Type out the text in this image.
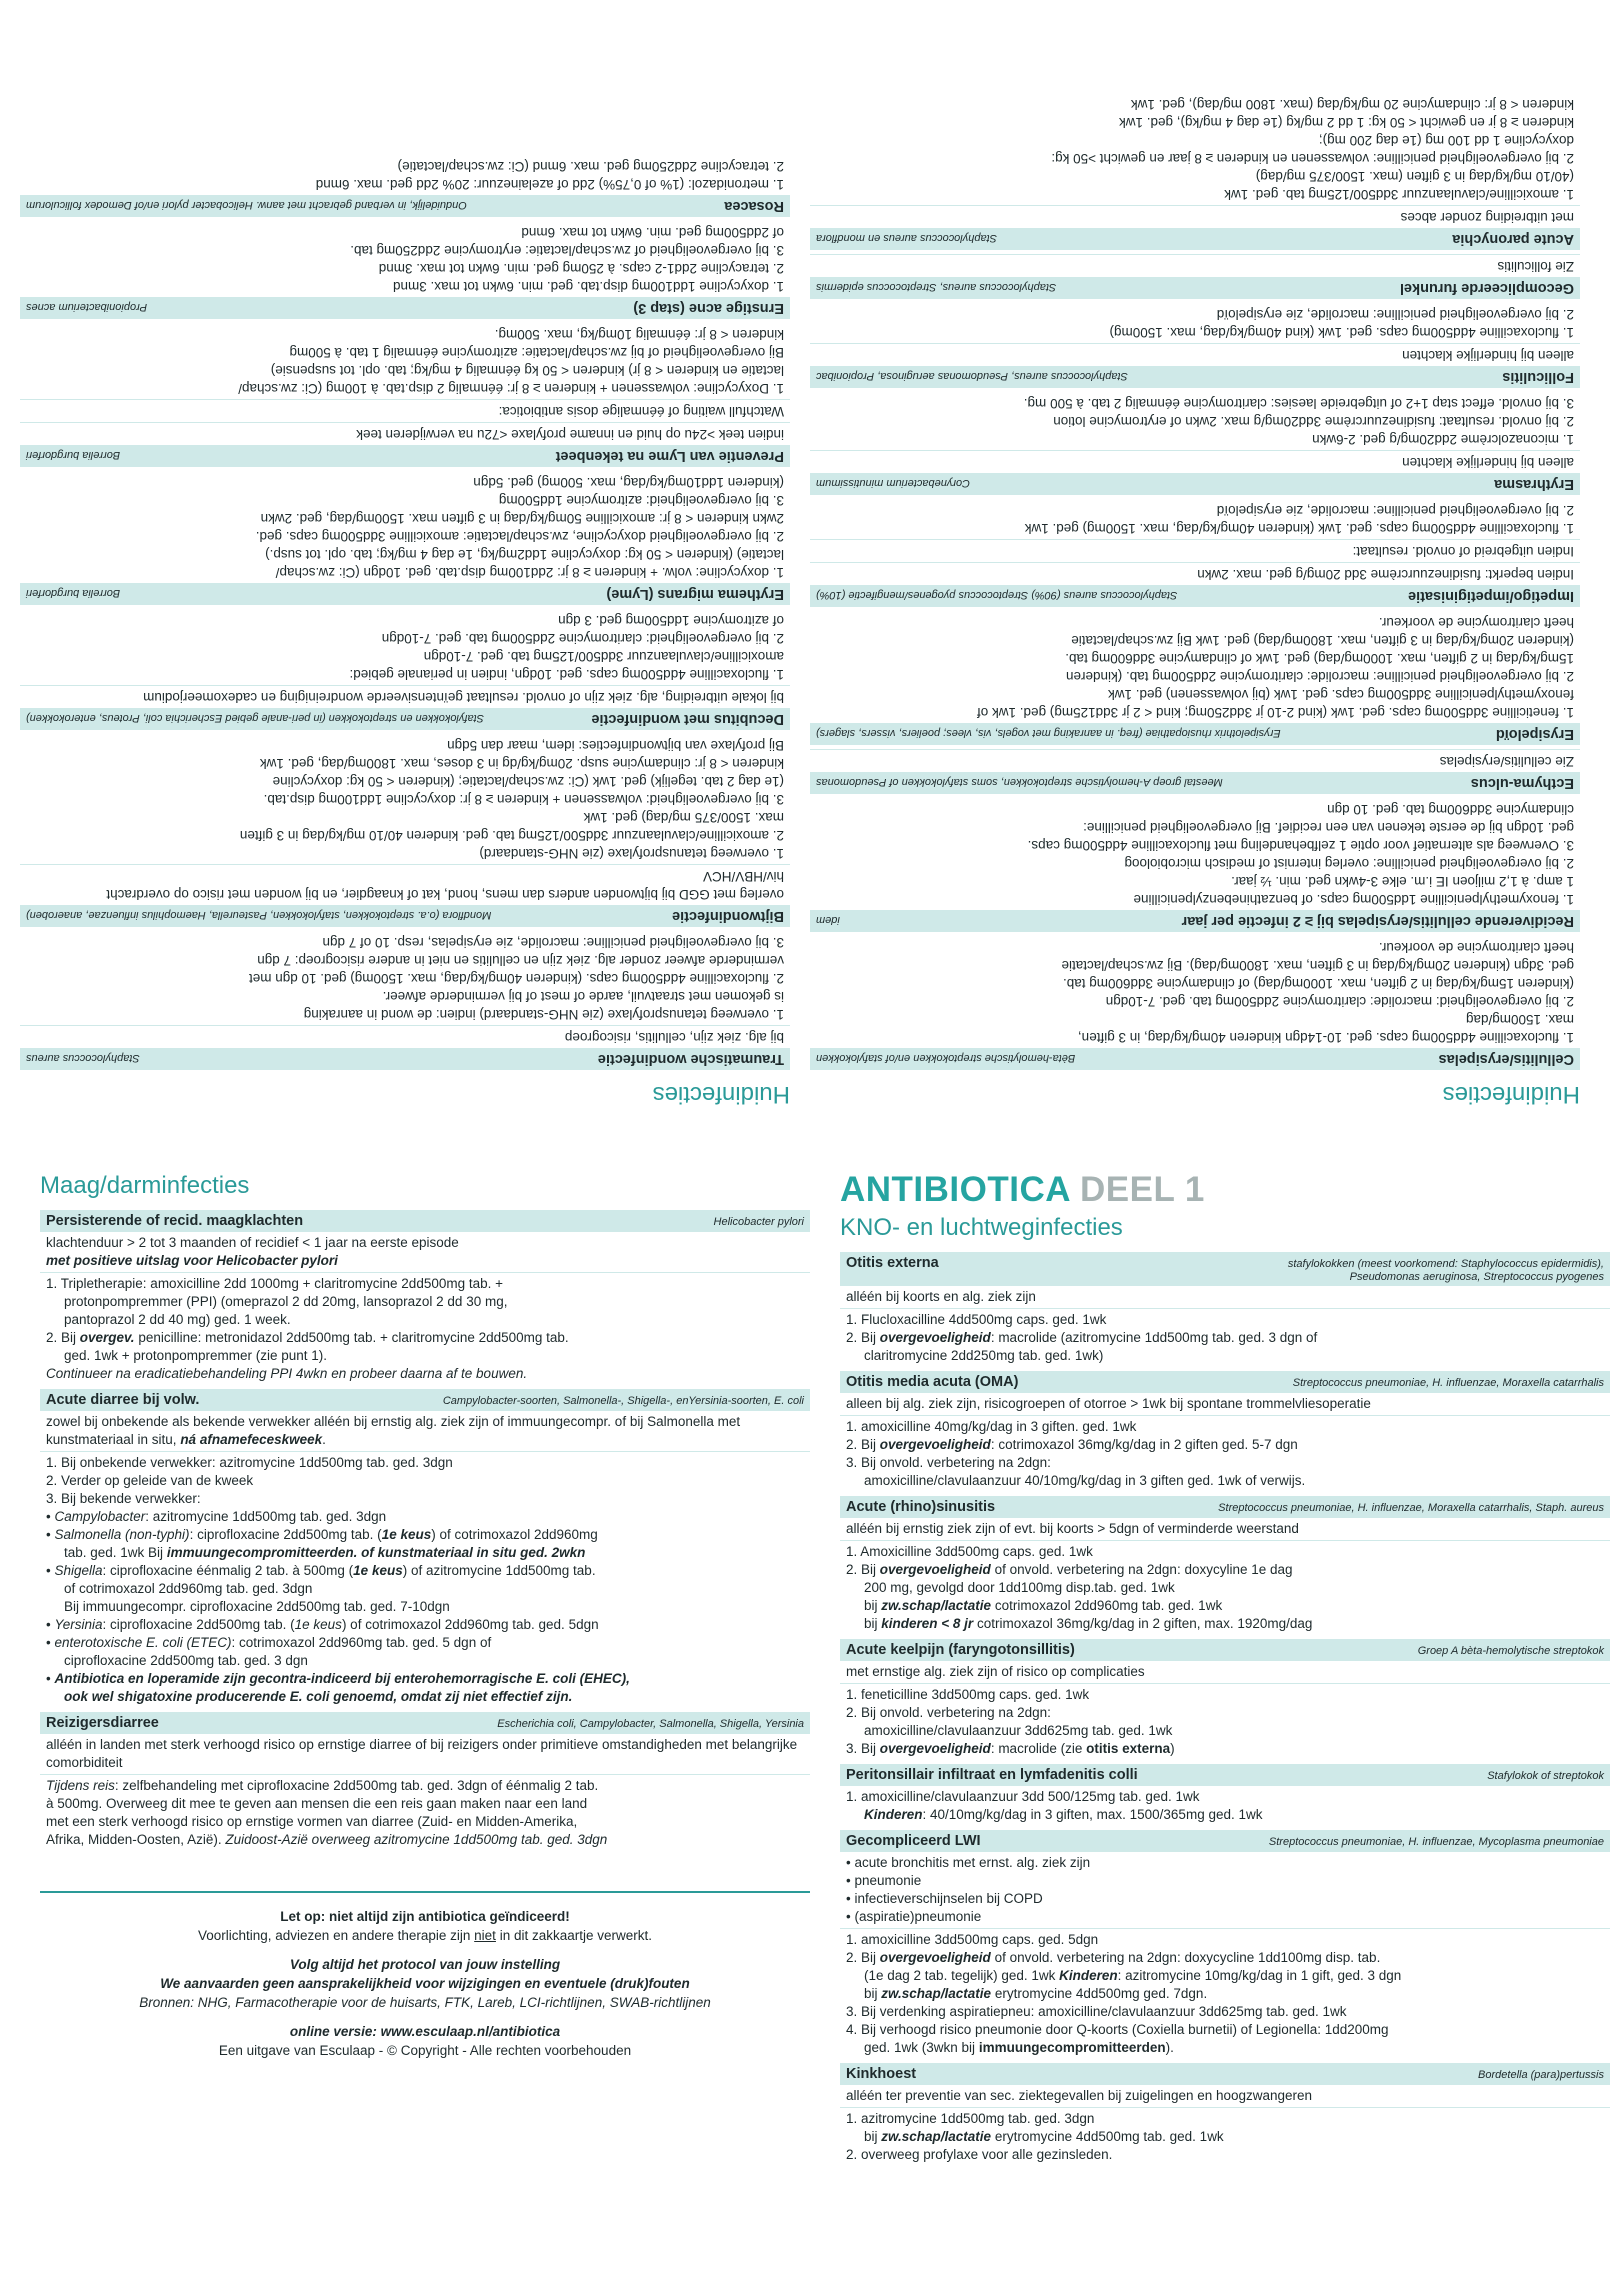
Huidinfecties
Traumatische wondinfectie
Staphylococcus aureus
bij alg. ziek zijn, cellulitis, risicogroep
1. overweeg tetanusprofylaxe (zie NHG-standaard) indien: de wond in aanraking
is gekomen met straatvuil, aarde of mest of bij verminderde afweer.
2. flucloxacilline 4dd500mg caps. (kinderen 40mg/kg/dag, max. 1500mg) ged. 10 dgn met
verminderde afweer zonder alg. ziek zijn en cellulitis en niet in andere risicogroep: 7 dgn
3. bij overgevoeligheid penicilline: macrolide, zie erysipelas, resp. 10 of 7 dgn
Bijtwondinfectie
Mondflora (o.a. streptokokken, stafylokokken, Pasteurella, Haemophilus influenzae, anaeroben)
overleg met GGD bij bijtwonden anders dan mens, hond, kat of knaagdier, en bij wonden met risico op overdracht hiv/HBV/HCV
1. overweeg tetanusprofylaxe (zie NHG-standaard)
2. amoxicilline/clavulaanzuur 3dd500/125mg tab. ged. kinderen 40/10 mg/kg/dag in 3 giften
max. 1500/375 mg/dag) ged. 1wk
3. bij overgevoeligheid: volwassenen + kinderen ≥ 8 jr: doxycycline 1dd100mg disp.tab.
(1e dag 2 tab. tegelijk) ged. 1wk (Ci: zw.schap/lactatie; (kinderen < 50 kg: doxycycline
kinderen < 8 jr: clindamycine susp. 20mg/kg/dg in 3 doses, max. 1800mg/dag, ged. 1wk
Bij profylaxe van bijtwondinfecties: idem, maar dan 5dgn
Decubitus met wondinfectie
Stafylokokken en streptokokken (in peri-anale gebied Escherichia coli, Proteus, enterokokken)
bij lokale uitbreiding, alg. ziek zijn of onvold. resultaat geïntensiveerde wondreiniging en cadexomeerjodium
1. flucloxacilline 4dd500mg caps. ged. 10dgn, indien in perianale gebied:
amoxicilline/clavulaanzuur 3dd500/125mg tab. ged. 7-10dgn
2. bij overgevoeligheid: claritromycine 2dd500mg tab. ged. 7-10dgn
of azitromycine 1dd500mg ged. 3 dgn
Erythema migrans (Lyme)
Borrelia burgdorferi
1. doxycycline: volw. + kinderen ≥ 8 jr: 2dd100mg disp.tab. ged. 10dgn (Ci: zw.schap/
lactatie) (kinderen < 50 kg: doxycycline 1dd2mg/kg, 1e dag 4 mg/kg; tab. opl. tot susp.)
2. bij overgevoeligheid doxycycline, zw.schap/lactatie: amoxicilline 3dd500mg caps. ged.
2wkn kinderen < 8 jr: amoxicilline 50mg/kg/dag in 3 giften max. 1500mg/dag, ged. 2wkn
3. bij overgevoeligheid: azitromycine 1dd500mg
(kinderen 1dd10mg/kg/dag, max. 500mg) ged. 5dgn
Preventie van Lyme na tekenbeet
Borrelia burgdorferi
indien teek >24u op huid en inname profylaxe <72u na verwijderen teek
Watchfull waiting of éénmalige dosis antibiotica:
1. Doxycycline: volwassenen + kinderen ≥ 8 jr: éénmalig 2 disp.tab. à 100mg (Ci: zw.schap/
lactatie en kinderen < 8 jr) kinderen < 50 kg éénmalig 4 mg/kg; tab. opl. tot suspensie)
Bij overgevoeligheid of bij zw.schap/lactatie: azitromycine éénmalig 1 tab. à 500mg
kinderen < 8 jr: éénmalig 10mg/kg, max. 500mg.
Ernstige acne (stap 3)
Propionibacterium acnes
1. doxycycline 1dd100mg disp.tab. ged. min. 6wkn tot max. 3mnd
2. tetracycline 2dd1-2 caps. à 250mg ged. min. 6wkn tot max. 3mnd
3. bij overgevoeligheid of zw.schap/lactatie: erytromycine 2dd250mg tab.
of 2dd500mg ged. min. 6wkn tot max. 6mnd
Rosacea
Onduidelijk, in verband gebracht met aanw. Helicobacter pylori en/of Demodex folliculorum
1. metronidazol: (1% of 0,75%) 2dd of azelainezuur: 20% 2dd ged. max. 6mnd
2. tetracycline 2dd250mg ged. max. 6mnd (Ci: zw.schap/lactatie)
Huidinfecties
Cellulitis/erysipelas
Bèta-hemolytische streptokokken en/of stafylokokken
1. flucloxacilline 4dd500mg caps. ged. 10-14dgn kinderen 40mg/kg/dag, in 3 giften,
max. 1500mg/dag
2. bij overgevoeligheid: macrolide: claritromycine 2dd500mg tab. ged. 7-10dgn
(kinderen 15mg/kg/dag in 2 giften, max. 1000mg/dag) of clindamycine 3dd600mg tab.
ged. 3dgn (kinderen 20mg/kg/dag in 3 giften, max. 1800mg/dag). Bij zw.schap/lactatie
heeft claritromycine de voorkeur.
Recidiverende cellulitis/erysipelas bij ≥ 2 infectie per jaar
idem
1. fenoxymethylpenicilline 1dd500mg caps. of benzathinebenzylpenicilline
1 amp. à 1,2 miljoen IE i.m. elke 3-4wkn ged. min. ½ jaar.
2. bij overgevoeligheid penicilline: overleg internist of medisch microbioloog
3. Overweeg als alternatief voor optie 1 zelfbehandeling met flucloxacilline 4dd500mg caps.
ged. 10dgn bij de eerste tekenen van een recidief. Bij overgevoeligheid penicilline:
clindamycine 3dd600mg tab. ged. 10 dgn
Ecthyma-ulcus
Meestal groep A-hemolytische streptokokken, soms stafylokokken of Pseudomonas
Zie cellulitis/erysipelas
Erysipeloïd
Erysipelothrix rhusiopathiae (freq. in aanraking met vogels, vis, vlees; poeliers, vissers, slagers)
1. feneticilline 3dd500mg caps. ged. 1wk (kind 2-10 jr 3dd250mg; kind < 2 jr 3dd125mg) ged. 1wk of
fenoxymethylpenicilline 3dd500mg caps. ged. 1wk (bij volwassenen) ged. 1wk
2. bij overgevoeligheid penicilline: macrolide: claritromycine 2dd500mg tab. (kinderen
15mg/kg/dag in 2 giften, max. 1000mg/dag) ged. 1wk of clindamycine 3dd600mg tab.
(kinderen 20mg/kg/dag in 3 giften, max. 1800mg/dag) ged. 1wk Bij zw.schap/lactatie
heeft claritromycine de voorkeur.
Impetigo/impetiginisatie
Staphylococcus aureus (90%) Streptococcus pyogenes/mengifectie (10%)
Indien beperkt: fusidinezuurcrème 3dd 20mg/g ged. max. 2wkn
Indien uitgebreid of onvold. resultaat:
1. flucloxacilline 4dd500mg caps. ged. 1wk (kinderen 40mg/kg/dag, max. 1500mg) ged. 1wk
2. bij overgevoeligheid penicilline: macrolide, zie erysipeloïd
Erythrasma
Corynebacterium minutissimum
alleen bij hinderlijke klachten
1. miconazolcrème 2dd20mg/g ged. 2-6wkn
2. bij onvold. resultaat: fusidinezuurcrème 3dd20mg/g max. 2wkn of erytromycine lotion
3. bij onvold. effect stap 1+2 of uitgebreide laesies: claritromycine éénmalig 2 tab. à 500 mg.
Folliculitis
Staphylococcus aureus, Pseudomonas aeruginosa, Propionibac
alleen bij hinderlijke klachten
1. flucloxacilline 4dd500mg caps. ged. 1wk (kind 40mg/kg/dag, max. 1500mg)
2. bij overgevoeligheid penicilline: macrolide, zie erysipeloïd
Gecompliceerde furunkel
Staphylococcus aureus, Streptococcus epidermis
Zie folliculitis
Acute paronychia
Staphylococcus aureus en mondflora
met uitbreiding zonder abces
1. amoxicilline/clavulaanzuur 3dd500/125mg tab. ged. 1wk
(40/10 mg/kg/dag in 3 giften (max. 1500/375 mg/dag)
2. bij overgevoeligheid penicilline: volwassenen en kinderen ≥ 8 jaar en gewicht >50 kg:
doxycycline 1 dd 100 mg (1e dag 200 mg);
kinderen ≥ 8 jr en gewicht < 50 kg: 1 dd 2 mg/kg (1e dag 4 mg/kg), ged. 1wk
kinderen < 8 jr: clindamycine 20 mg/kg/dag (max. 1800 mg/dag), ged. 1wk
Maag/darminfecties
Persisterende of recid. maagklachten	Helicobacter pylori
klachtenduur > 2 tot 3 maanden of recidief < 1 jaar na eerste episode
met positieve uitslag voor Helicobacter pylori
1. Tripletherapie: amoxicilline 2dd 1000mg + claritromycine 2dd500mg tab. +
protonpompremmer (PPI) (omeprazol 2 dd 20mg, lansoprazol 2 dd 30 mg,
pantoprazol 2 dd 40 mg) ged. 1 week.
2. Bij overgev. penicilline: metronidazol 2dd500mg tab. + claritromycine 2dd500mg tab.
ged. 1wk + protonpompremmer (zie punt 1).
Continueer na eradicatiebehandeling PPI 4wkn en probeer daarna af te bouwen.
Acute diarree bij volw.	Campylobacter-soorten, Salmonella-, Shigella-, enYersinia-soorten, E. coli
zowel bij onbekende als bekende verwekker alléén bij ernstig alg. ziek zijn of immuungecompr. of bij Salmonella met kunstmateriaal in situ, ná afnamefeceskweek.
1. Bij onbekende verwekker: azitromycine 1dd500mg tab. ged. 3dgn
2. Verder op geleide van de kweek
3. Bij bekende verwekker:
• Campylobacter: azitromycine 1dd500mg tab. ged. 3dgn
• Salmonella (non-typhi): ciprofloxacine 2dd500mg tab. (1e keus) of cotrimoxazol 2dd960mg
tab. ged. 1wk Bij immuungecompromitteerden. of kunstmateriaal in situ ged. 2wkn
• Shigella: ciprofloxacine éénmalig 2 tab. à 500mg (1e keus) of azitromycine 1dd500mg tab.
of cotrimoxazol 2dd960mg tab. ged. 3dgn
Bij immuungecompr. ciprofloxacine 2dd500mg tab. ged. 7-10dgn
• Yersinia: ciprofloxacine 2dd500mg tab. (1e keus) of cotrimoxazol 2dd960mg tab. ged. 5dgn
• enterotoxische E. coli (ETEC): cotrimoxazol 2dd960mg tab. ged. 5 dgn of
ciprofloxacine 2dd500mg tab. ged. 3 dgn
• Antibiotica en loperamide zijn gecontra-indiceerd bij enterohemorragische E. coli (EHEC),
ook wel shigatoxine producerende E. coli genoemd, omdat zij niet effectief zijn.
Reizigersdiarree	Escherichia coli, Campylobacter, Salmonella, Shigella, Yersinia
alléén in landen met sterk verhoogd risico op ernstige diarree of bij reizigers onder primitieve omstandigheden met belangrijke comorbiditeit
Tijdens reis: zelfbehandeling met ciprofloxacine 2dd500mg tab. ged. 3dgn of éénmalig 2 tab.
à 500mg. Overweeg dit mee te geven aan mensen die een reis gaan maken naar een land
met een sterk verhoogd risico op ernstige vormen van diarree (Zuid- en Midden-Amerika,
Afrika, Midden-Oosten, Azië). Zuidoost-Azië overweeg azitromycine 1dd500mg tab. ged. 3dgn
Let op: niet altijd zijn antibiotica geïndiceerd!
Voorlichting, adviezen en andere therapie zijn niet in dit zakkaartje verwerkt.
Volg altijd het protocol van jouw instelling
We aanvaarden geen aansprakelijkheid voor wijzigingen en eventuele (druk)fouten
Bronnen: NHG, Farmacotherapie voor de huisarts, FTK, Lareb, LCI-richtlijnen, SWAB-richtlijnen
online versie: www.esculaap.nl/antibiotica
Een uitgave van Esculaap - © Copyright - Alle rechten voorbehouden
ANTIBIOTICA DEEL 1
KNO- en luchtweginfecties
Otitis externa	stafylokokken (meest voorkomend: Staphylococcus epidermidis),
Pseudomonas aeruginosa, Streptococcus pyogenes
alléén bij koorts en alg. ziek zijn
1. Flucloxacilline 4dd500mg caps. ged. 1wk
2. Bij overgevoeligheid: macrolide (azitromycine 1dd500mg tab. ged. 3 dgn of
claritromycine 2dd250mg tab. ged. 1wk)
Otitis media acuta (OMA)	Streptococcus pneumoniae, H. influenzae, Moraxella catarrhalis
alleen bij alg. ziek zijn, risicogroepen of otorroe > 1wk bij spontane trommelvliesoperatie
1. amoxicilline 40mg/kg/dag in 3 giften. ged. 1wk
2. Bij overgevoeligheid: cotrimoxazol 36mg/kg/dag in 2 giften ged. 5-7 dgn
3. Bij onvold. verbetering na 2dgn:
amoxicilline/clavulaanzuur 40/10mg/kg/dag in 3 giften ged. 1wk of verwijs.
Acute (rhino)sinusitis	Streptococcus pneumoniae, H. influenzae, Moraxella catarrhalis, Staph. aureus
alléén bij ernstig ziek zijn of evt. bij koorts > 5dgn of verminderde weerstand
1. Amoxicilline 3dd500mg caps. ged. 1wk
2. Bij overgevoeligheid of onvold. verbetering na 2dgn: doxycyline 1e dag
200 mg, gevolgd door 1dd100mg disp.tab. ged. 1wk
bij zw.schap/lactatie cotrimoxazol 2dd960mg tab. ged. 1wk
bij kinderen < 8 jr cotrimoxazol 36mg/kg/dag in 2 giften, max. 1920mg/dag
Acute keelpijn (faryngotonsillitis)	Groep A bèta-hemolytische streptokok
met ernstige alg. ziek zijn of risico op complicaties
1. feneticilline 3dd500mg caps. ged. 1wk
2. Bij onvold. verbetering na 2dgn:
amoxicilline/clavulaanzuur 3dd625mg tab. ged. 1wk
3. Bij overgevoeligheid: macrolide (zie otitis externa)
Peritonsillair infiltraat en lymfadenitis colli	Stafylokok of streptokok
1. amoxicilline/clavulaanzuur 3dd 500/125mg tab. ged. 1wk
Kinderen: 40/10mg/kg/dag in 3 giften, max. 1500/365mg ged. 1wk
Gecompliceerd LWI	Streptococcus pneumoniae, H. influenzae, Mycoplasma pneumoniae
• acute bronchitis met ernst. alg. ziek zijn
• pneumonie
• infectieverschijnselen bij COPD
• (aspiratie)pneumonie
1. amoxicilline 3dd500mg caps. ged. 5dgn
2. Bij overgevoeligheid of onvold. verbetering na 2dgn: doxycycline 1dd100mg disp. tab.
(1e dag 2 tab. tegelijk) ged. 1wk Kinderen: azitromycine 10mg/kg/dag in 1 gift, ged. 3 dgn
bij zw.schap/lactatie erytromycine 4dd500mg ged. 7dgn.
3. Bij verdenking aspiratiepneu: amoxicilline/clavulaanzuur 3dd625mg tab. ged. 1wk
4. Bij verhoogd risico pneumonie door Q-koorts (Coxiella burnetii) of Legionella: 1dd200mg
ged. 1wk (3wkn bij immuungecompromitteerden).
Kinkhoest	Bordetella (para)pertussis
alléén ter preventie van sec. ziektegevallen bij zuigelingen en hoogzwangeren
1. azitromycine 1dd500mg tab. ged. 3dgn
bij zw.schap/lactatie erytromycine 4dd500mg tab. ged. 1wk
2. overweeg profylaxe voor alle gezinsleden.
